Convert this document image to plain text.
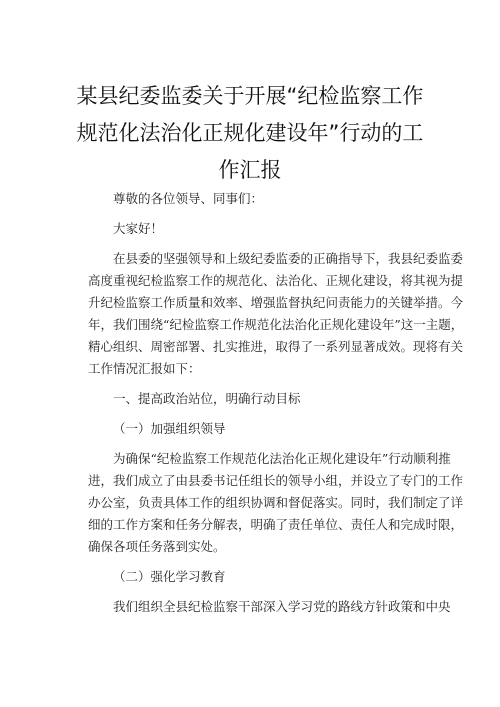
某县纪委监委关于开展“纪检监察工作
规范化法治化正规化建设年”行动的工
作汇报
尊敬的各位领导、同事们：
大家好！
在县委的坚强领导和上级纪委监委的正确指导下，我县纪委监委
高度重视纪检监察工作的规范化、法治化、正规化建设，将其视为提
升纪检监察工作质量和效率、增强监督执纪问责能力的关键举措。今
年，我们围绕“纪检监察工作规范化法治化正规化建设年”这一主题，
精心组织、周密部署、扎实推进，取得了一系列显著成效。现将有关
工作情况汇报如下：
一、提高政治站位，明确行动目标
（一）加强组织领导
为确保“纪检监察工作规范化法治化正规化建设年”行动顺利推
进，我们成立了由县委书记任组长的领导小组，并设立了专门的工作
办公室，负责具体工作的组织协调和督促落实。同时，我们制定了详
细的工作方案和任务分解表，明确了责任单位、责任人和完成时限，
确保各项任务落到实处。
（二）强化学习教育
我们组织全县纪检监察干部深入学习党的路线方针政策和中央
